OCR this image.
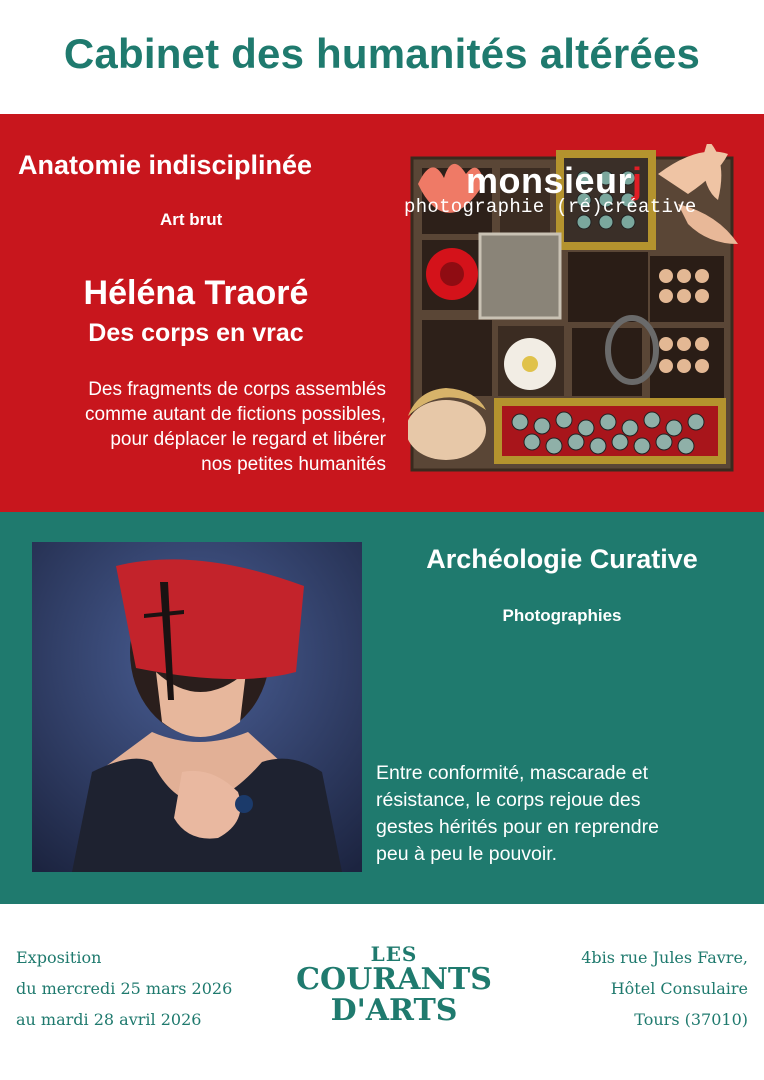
Cabinet des humanités altérées
Anatomie indisciplinée
Art brut
Héléna Traoré
Des corps en vrac
Des fragments de corps assemblés
comme autant de fictions possibles,
pour déplacer le regard et libérer
nos petites humanités
Archéologie Curative
Photographies
monsieurj
photographie (ré)créative
Entre conformité, mascarade et
résistance, le corps rejoue des
gestes hérités pour en reprendre
peu à peu le pouvoir.
Exposition
du mercredi 25 mars 2026
au mardi 28 avril 2026
LES
COURANTS
D'ARTS
4bis rue Jules Favre,
Hôtel Consulaire
Tours (37010)
